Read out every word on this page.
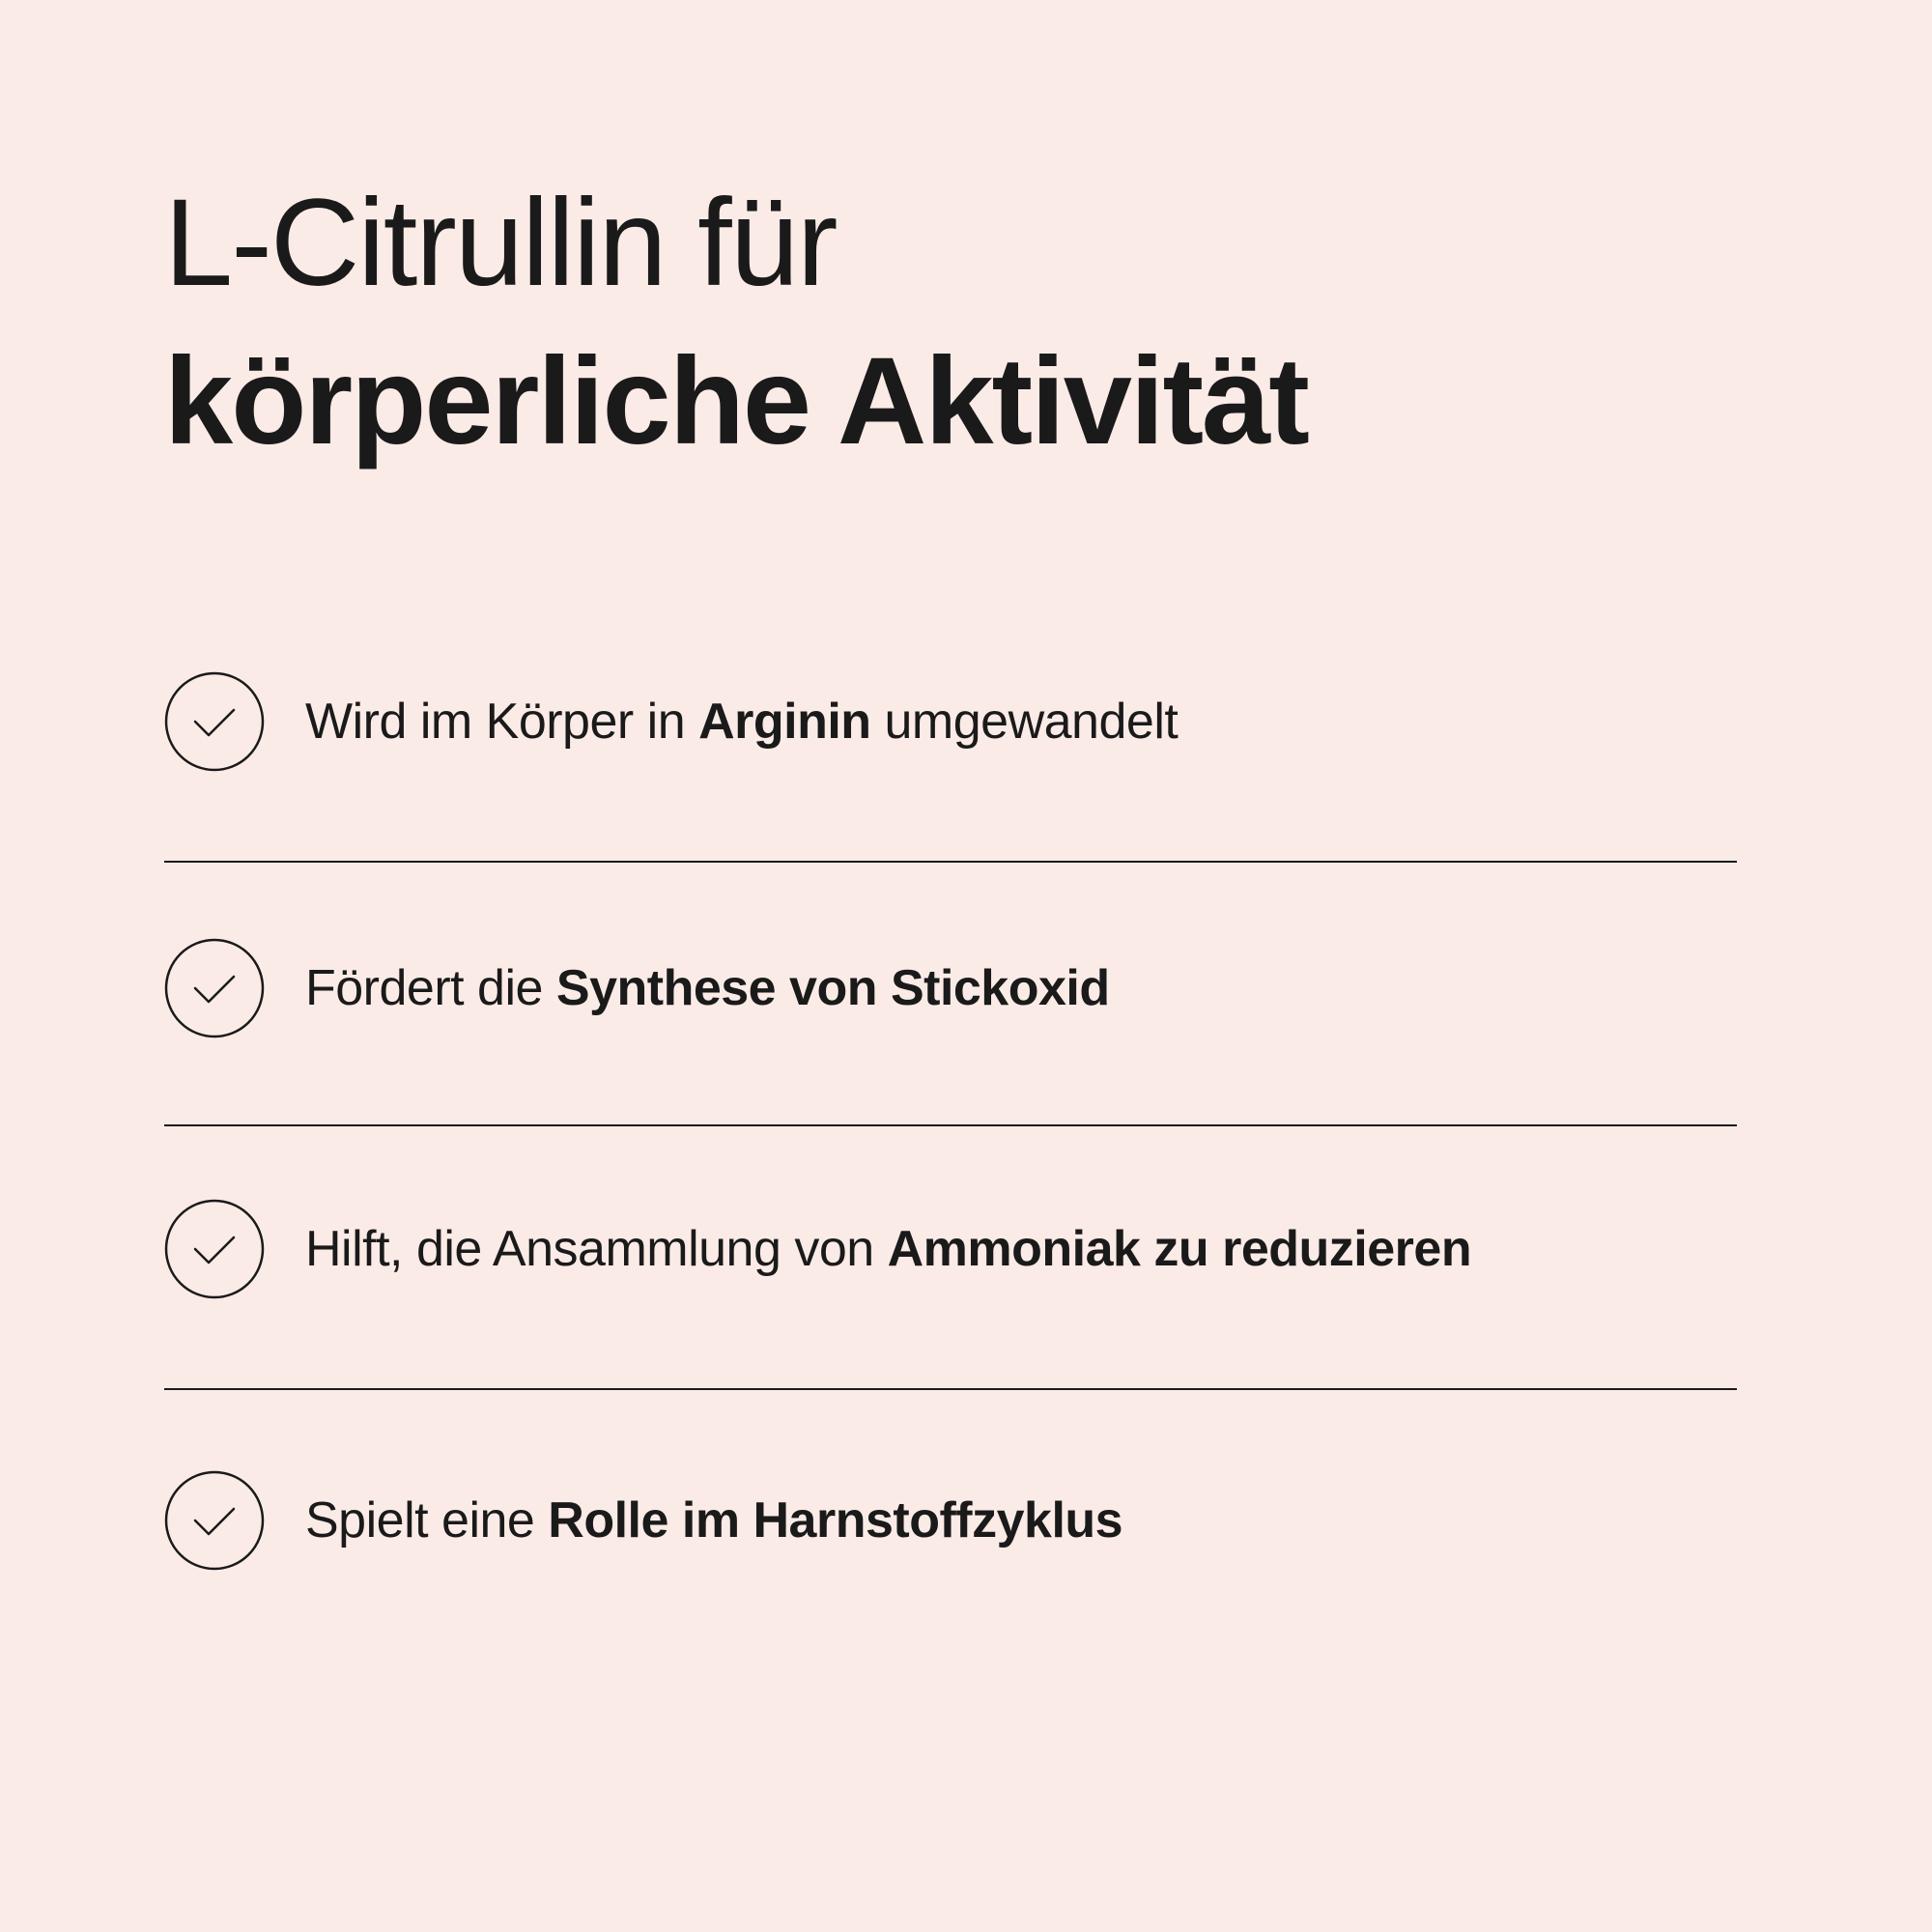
L-Citrullin für
körperliche Aktivität
Wird im Körper in Arginin umgewandelt
Fördert die Synthese von Stickoxid
Hilft, die Ansammlung von Ammoniak zu reduzieren
Spielt eine Rolle im Harnstoffzyklus
